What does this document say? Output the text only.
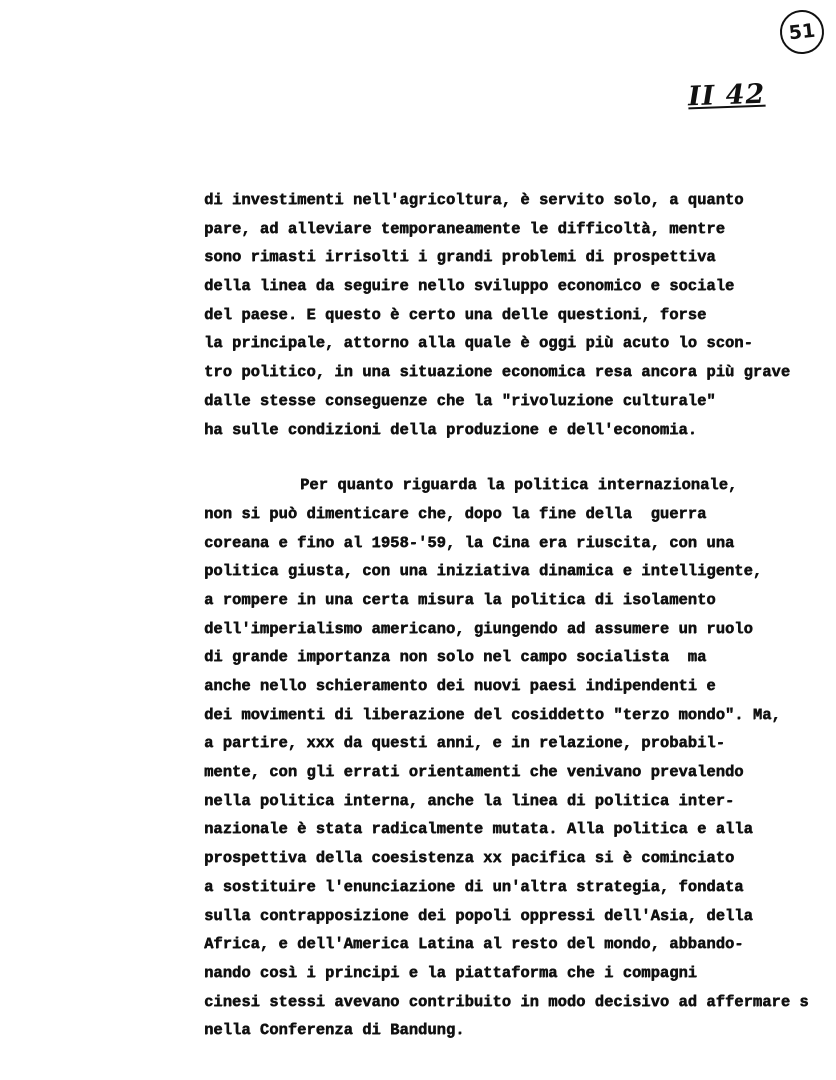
51
II 42
di investimenti nell'agricoltura, è servito solo, a quanto
pare, ad alleviare temporaneamente le difficoltà, mentre
sono rimasti irrisolti i grandi problemi di prospettiva
della linea da seguire nello sviluppo economico e sociale
del paese. E questo è certo una delle questioni, forse
la principale, attorno alla quale è oggi più acuto lo scon-
tro politico, in una situazione economica resa ancora più grave
dalle stesse conseguenze che la "rivoluzione culturale"
ha sulle condizioni della produzione e dell'economia.
Per quanto riguarda la politica internazionale,
non si può dimenticare che, dopo la fine della  guerra
coreana e fino al 1958-'59, la Cina era riuscita, con una
politica giusta, con una iniziativa dinamica e intelligente,
a rompere in una certa misura la politica di isolamento
dell'imperialismo americano, giungendo ad assumere un ruolo
di grande importanza non solo nel campo socialista  ma
anche nello schieramento dei nuovi paesi indipendenti e
dei movimenti di liberazione del cosiddetto "terzo mondo". Ma,
a partire, xxx da questi anni, e in relazione, probabil-
mente, con gli errati orientamenti che venivano prevalendo
nella politica interna, anche la linea di politica inter-
nazionale è stata radicalmente mutata. Alla politica e alla
prospettiva della coesistenza xx pacifica si è cominciato
a sostituire l'enunciazione di un'altra strategia, fondata
sulla contrapposizione dei popoli oppressi dell'Asia, della
Africa, e dell'America Latina al resto del mondo, abbando-
nando così i principi e la piattaforma che i compagni
cinesi stessi avevano contribuito in modo decisivo ad affermare s
nella Conferenza di Bandung.
